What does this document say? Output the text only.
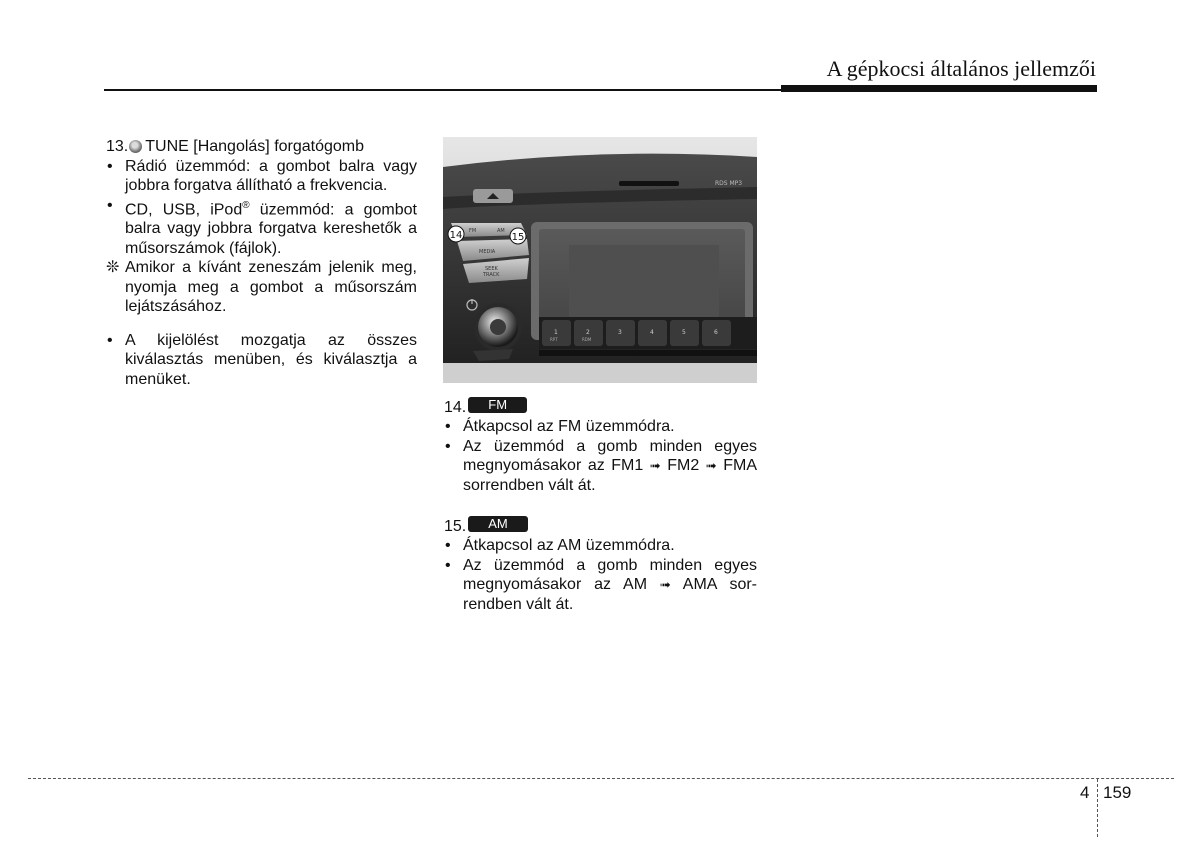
A gépkocsi általános jellemzői
13. TUNE [Hangolás] forgatógomb
• Rádió üzemmód: a gombot balra vagy jobbra forgatva állítható a frekvencia.
• CD, USB, iPod® üzemmód: a gombot balra vagy jobbra forgatva kereshetők a műsorszámok (fájlok).
❊ Amikor a kívánt zeneszám jelenik meg, nyomja meg a gombot a műsorszám lejátszásához.
• A kijelölést mozgatja az összes kiválasztás menüben, és kiválasztja a menüket.
RDS MP3
FM	AM
MEDIA
SEEK
TRACK
1	2	3	4	5	6
RPT	RDM
14	15
14.	FM
• Átkapcsol az FM üzemmódra.
• Az üzemmód a gomb minden egyes megnyomásakor az FM1 ➟ FM2 ➟ FMA sorrendben vált át.
15.	AM
• Átkapcsol az AM üzemmódra.
• Az üzemmód a gomb minden egyes megnyomásakor az AM ➟ AMA sor-rendben vált át.
4 159
